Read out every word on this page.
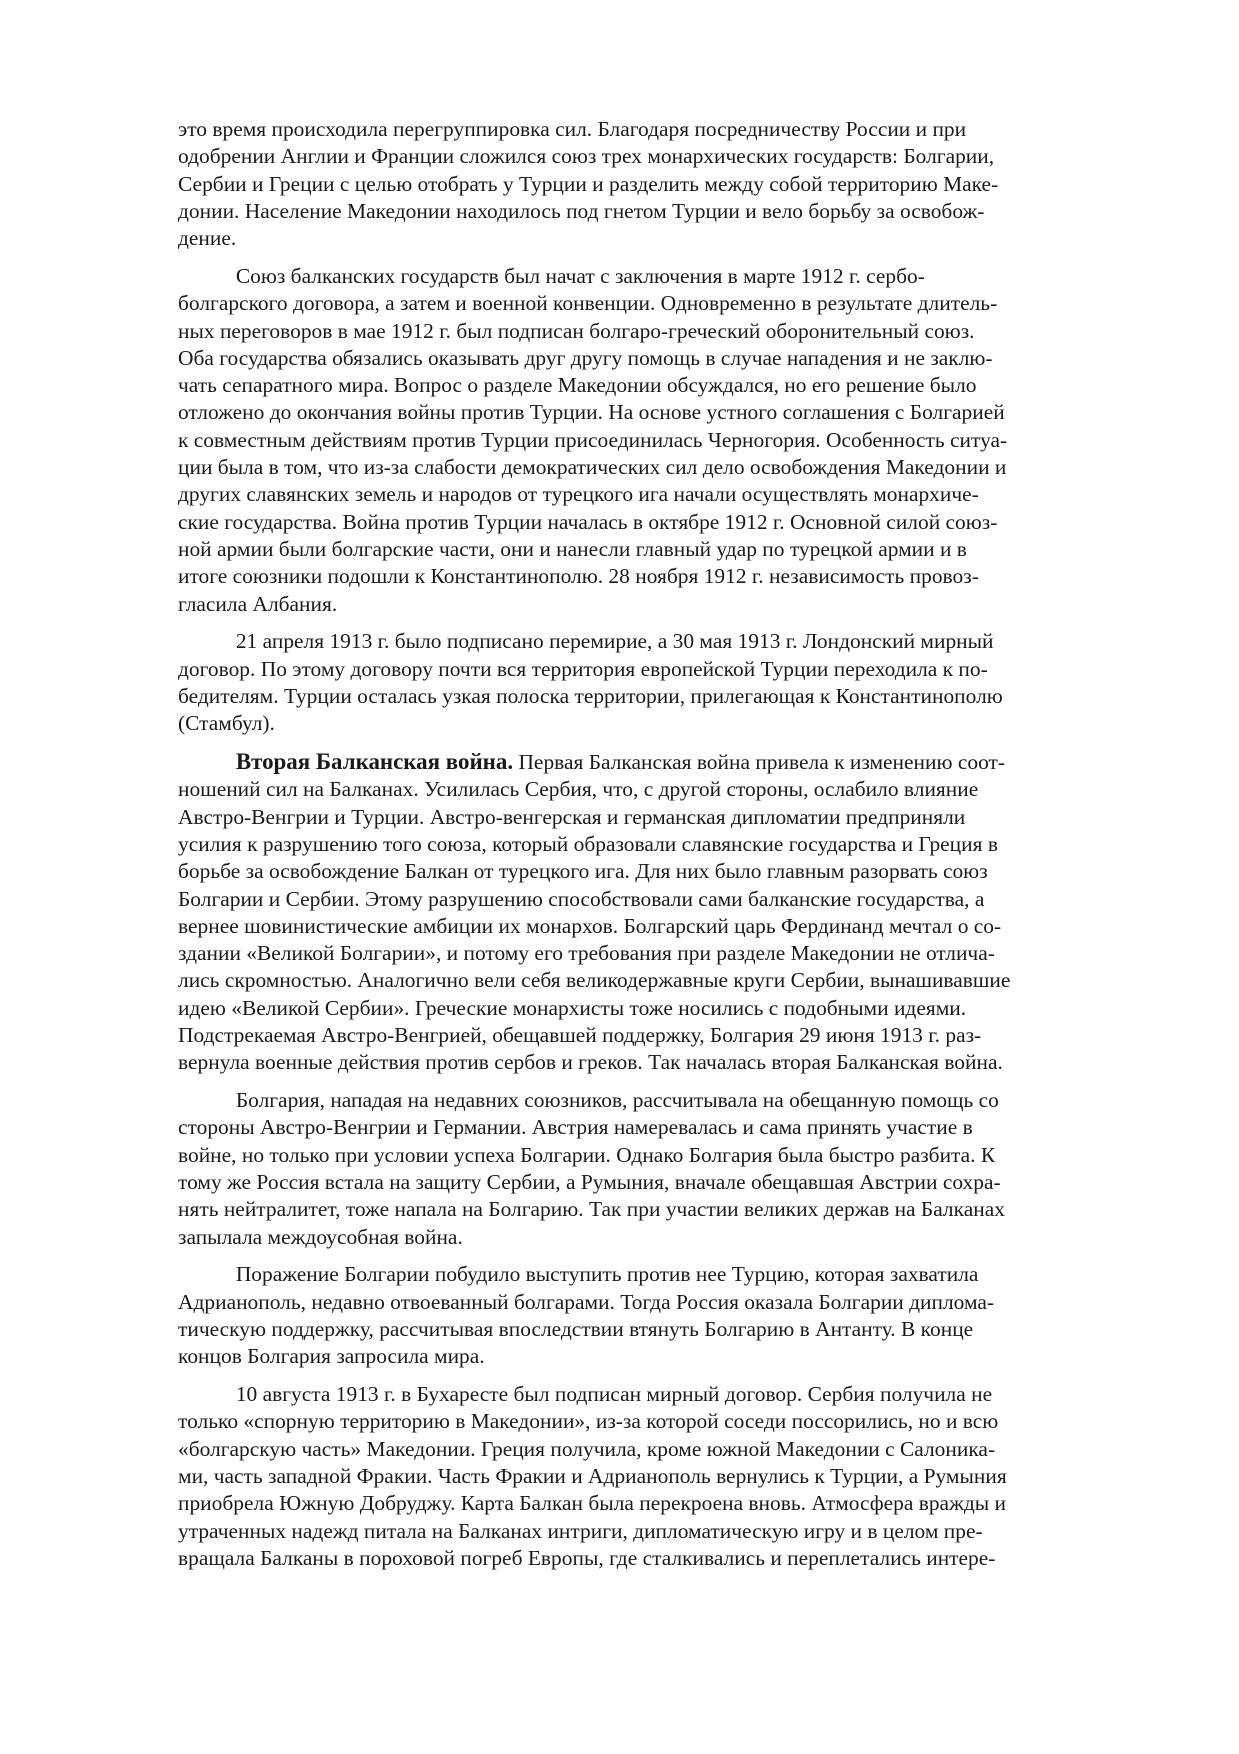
это время происходила перегруппировка сил. Благодаря посредничеству России и при
одобрении Англии и Франции сложился союз трех монархических государств: Болгарии,
Сербии и Греции с целью отобрать у Турции и разделить между собой территорию Маке-
донии. Население Македонии находилось под гнетом Турции и вело борьбу за освобож-
дение.
Союз балканских государств был начат с заключения в марте 1912 г. сербо-
болгарского договора, а затем и военной конвенции. Одновременно в результате длитель-
ных переговоров в мае 1912 г. был подписан болгаро-греческий оборонительный союз.
Оба государства обязались оказывать друг другу помощь в случае нападения и не заклю-
чать сепаратного мира. Вопрос о разделе Македонии обсуждался, но его решение было
отложено до окончания войны против Турции. На основе устного соглашения с Болгарией
к совместным действиям против Турции присоединилась Черногория. Особенность ситуа-
ции была в том, что из-за слабости демократических сил дело освобождения Македонии и
других славянских земель и народов от турецкого ига начали осуществлять монархиче-
ские государства. Война против Турции началась в октябре 1912 г. Основной силой союз-
ной армии были болгарские части, они и нанесли главный удар по турецкой армии и в
итоге союзники подошли к Константинополю. 28 ноября 1912 г. независимость провоз-
гласила Албания.
21 апреля 1913 г. было подписано перемирие, а 30 мая 1913 г. Лондонский мирный
договор. По этому договору почти вся территория европейской Турции переходила к по-
бедителям. Турции осталась узкая полоска территории, прилегающая к Константинополю
(Стамбул).
Вторая Балканская война. Первая Балканская война привела к изменению соот-
ношений сил на Балканах. Усилилась Сербия, что, с другой стороны, ослабило влияние
Австро-Венгрии и Турции. Австро-венгерская и германская дипломатии предприняли
усилия к разрушению того союза, который образовали славянские государства и Греция в
борьбе за освобождение Балкан от турецкого ига. Для них было главным разорвать союз
Болгарии и Сербии. Этому разрушению способствовали сами балканские государства, а
вернее шовинистические амбиции их монархов. Болгарский царь Фердинанд мечтал о со-
здании «Великой Болгарии», и потому его требования при разделе Македонии не отлича-
лись скромностью. Аналогично вели себя великодержавные круги Сербии, вынашивавшие
идею «Великой Сербии». Греческие монархисты тоже носились с подобными идеями.
Подстрекаемая Австро-Венгрией, обещавшей поддержку, Болгария 29 июня 1913 г. раз-
вернула военные действия против сербов и греков. Так началась вторая Балканская война.
Болгария, нападая на недавних союзников, рассчитывала на обещанную помощь со
стороны Австро-Венгрии и Германии. Австрия намеревалась и сама принять участие в
войне, но только при условии успеха Болгарии. Однако Болгария была быстро разбита. К
тому же Россия встала на защиту Сербии, а Румыния, вначале обещавшая Австрии сохра-
нять нейтралитет, тоже напала на Болгарию. Так при участии великих держав на Балканах
запылала междоусобная война.
Поражение Болгарии побудило выступить против нее Турцию, которая захватила
Адрианополь, недавно отвоеванный болгарами. Тогда Россия оказала Болгарии диплома-
тическую поддержку, рассчитывая впоследствии втянуть Болгарию в Антанту. В конце
концов Болгария запросила мира.
10 августа 1913 г. в Бухаресте был подписан мирный договор. Сербия получила не
только «спорную территорию в Македонии», из-за которой соседи поссорились, но и всю
«болгарскую часть» Македонии. Греция получила, кроме южной Македонии с Салоника-
ми, часть западной Фракии. Часть Фракии и Адрианополь вернулись к Турции, а Румыния
приобрела Южную Добруджу. Карта Балкан была перекроена вновь. Атмосфера вражды и
утраченных надежд питала на Балканах интриги, дипломатическую игру и в целом пре-
вращала Балканы в пороховой погреб Европы, где сталкивались и переплетались интере-
